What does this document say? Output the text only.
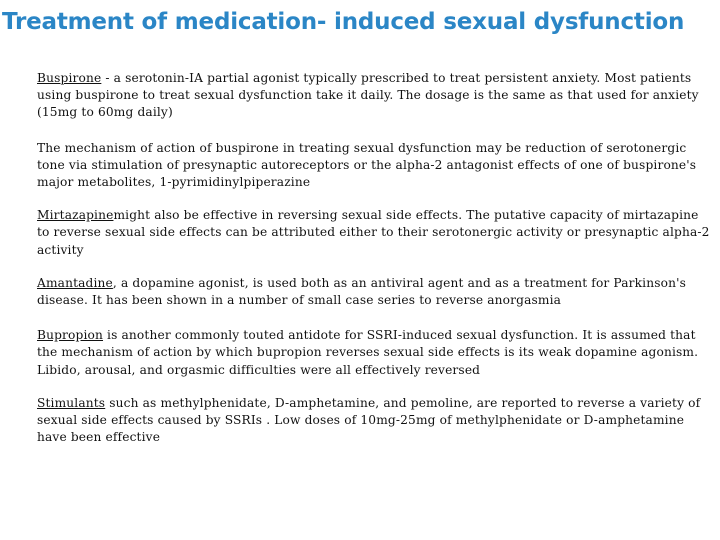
Treatment of medication- induced sexual dysfunction

Buspirone - a serotonin-IA partial agonist typically prescribed to treat persistent anxiety. Most patients using buspirone to treat sexual dysfunction take it daily. The dosage is the same as that used for anxiety (15mg to 60mg daily)

The mechanism of action of buspirone in treating sexual dysfunction may be reduction of serotonergic tone via stimulation of presynaptic autoreceptors or the alpha-2 antagonist effects of one of buspirone's major metabolites, 1-pyrimidinylpiperazine

Mirtazapinemight also be effective in reversing sexual side effects. The putative capacity of mirtazapine to reverse sexual side effects can be attributed either to their serotonergic activity or presynaptic alpha-2 activity

Amantadine, a dopamine agonist, is used both as an antiviral agent and as a treatment for Parkinson's disease. It has been shown in a number of small case series to reverse anorgasmia

Bupropion is another commonly touted antidote for SSRI-induced sexual dysfunction. It is assumed that the mechanism of action by which bupropion reverses sexual side effects is its weak dopamine agonism. Libido, arousal, and orgasmic difficulties were all effectively reversed

Stimulants such as methylphenidate, D-amphetamine, and pemoline, are reported to reverse a variety of sexual side effects caused by SSRIs . Low doses of 10mg-25mg of methylphenidate or D-amphetamine have been effective
